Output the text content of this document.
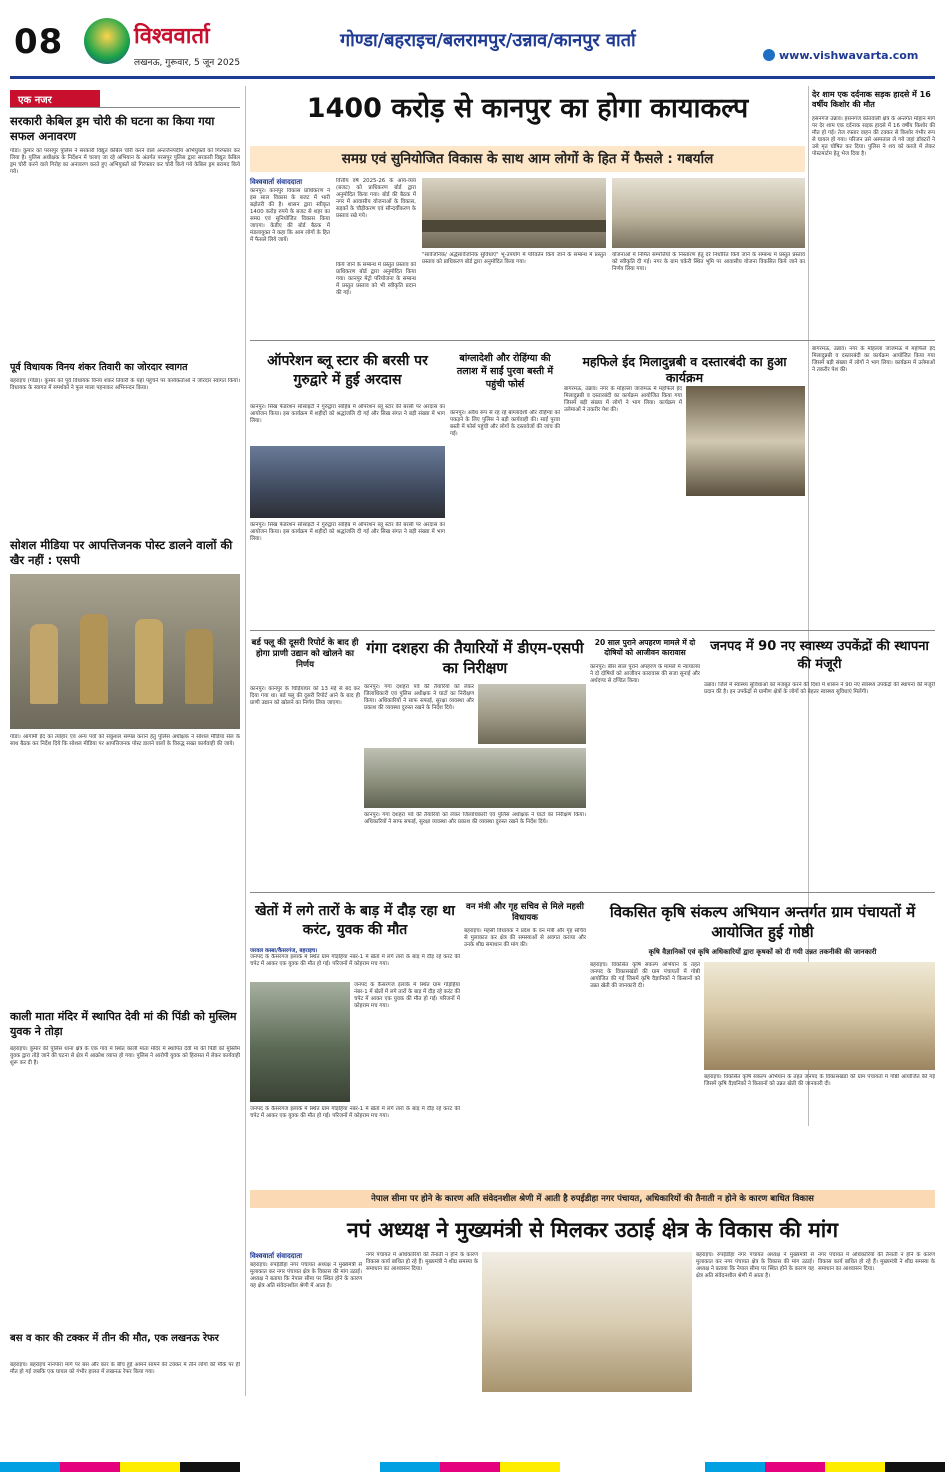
08	विश्ववार्ता
लखनऊ, गुरूवार, 5 जून 2025
गोण्डा/बहराइच/बलरामपुर/उन्नाव/कानपुर वार्ता
www.vishwavarta.com
एक नजर
सरकारी केबिल ड्रम चोरी की घटना का किया गया सफल अनावरण
गोंडा। कुमार को परसपुर पुलिस ने सरकारी विद्युत केबिल चोरी करने वाले अन्तर्जनपदीय अभियुक्तों को गिरफ्तार कर लिया है। पुलिस अधीक्षक के निर्देशन में चलाए जा रहे अभियान के अंतर्गत परसपुर पुलिस द्वारा सरकारी विद्युत केबिल ड्रम चोरी करने वाले गिरोह का अनावरण करते हुए अभियुक्तों को गिरफ्तार कर चोरी किये गये केबिल ड्रम बरामद किये गये।
पूर्व विधायक विनय शंकर तिवारी का जोरदार स्वागत
बहराइच (गोंडा)। कुमार को पूर्व विधायक विनय शंकर तिवारी के यहां पहुंचने पर कार्यकर्ताओं ने जोरदार स्वागत किया। विधायक के स्वागत में समर्थकों ने फूल माला पहनाकर अभिनन्दन किया।
सोशल मीडिया पर आपत्तिजनक पोस्ट डालने वालों की खैर नहीं : एसपी
गोंडा। आगामी ईद का त्योहार एवं अन्य पर्वों को सकुशल सम्पन्न कराने हेतु पुलिस अधीक्षक ने सोशल मीडिया सेल के साथ बैठक कर निर्देश दिये कि सोशल मीडिया पर आपत्तिजनक पोस्ट डालने वालों के विरुद्ध सख्त कार्यवाही की जाये।
काली माता मंदिर में स्थापित देवी मां की पिंडी को मुस्लिम युवक ने तोड़ा
बहराइच। कुमार की पुलिस थाना क्षेत्र के एक गांव में स्थित काली माता मंदिर में स्थापित देवी मां की पिंडी को मुस्लिम युवक द्वारा तोड़े जाने की घटना से क्षेत्र में आक्रोश व्याप्त हो गया। पुलिस ने आरोपी युवक को हिरासत में लेकर कार्यवाही शुरू कर दी है।
बस व कार की टक्कर में तीन की मौत, एक लखनऊ रेफर
बहराइच। बहराइच नानपारा मार्ग पर बस और कार के बीच हुई आमने सामने की टक्कर में तीन लोगों की मौके पर ही मौत हो गई जबकि एक घायल को गंभीर हालत में लखनऊ रेफर किया गया।
1400 करोड़ से कानपुर का होगा कायाकल्प
समग्र एवं सुनियोजित विकास के साथ आम लोगों के हित में फैसले : गबर्याल
विश्ववार्ता संवाददाता
कानपुर। कानपुर विकास प्राधिकरण ने इस साल विकास के बजट में भारी बढ़ोतरी की है। शासन द्वारा स्वीकृत 1400 करोड़ रुपये के बजट से शहर का समग्र एवं सुनियोजित विकास किया जाएगा। केडीए की बोर्ड बैठक में मंडलायुक्त ने कहा कि आम लोगों के हित में फैसले लिये जायें।
वित्तीय वर्ष 2025-26 के आय-व्यय (बजट) को प्राधिकरण बोर्ड द्वारा अनुमोदित किया गया। बोर्ड की बैठक में नगर में आवासीय योजनाओं के विकास, सड़कों के चौड़ीकरण एवं सौन्दर्यीकरण के प्रस्ताव रखे गये।
"सार्वजनिक/ अर्द्धसार्वजनिक सुविधाएं" भू-उपयोग में परिवर्तन किये जाने के सम्बन्ध में प्रस्तुत प्रस्ताव को प्राधिकरण बोर्ड द्वारा अनुमोदित किया गया।
किये जाने के सम्बन्ध में प्रस्तुत प्रस्ताव को प्राधिकरण बोर्ड द्वारा अनुमोदित किया गया। कानपुर मेट्रो परियोजना के सम्बन्ध में प्रस्तुत प्रस्ताव को भी स्वीकृति प्रदान की गई।
योजनाओं में निर्मित सम्पत्तियों के निस्तारण हेतु दरें निर्धारित किये जाने के सम्बन्ध में प्रस्तुत प्रस्ताव को स्वीकृति दी गई। नगर के ग्राम चकेरी स्थित भूमि पर आवासीय योजना विकसित किये जाने का निर्णय लिया गया।
देर शाम एक दर्दनाक सड़क हादसे में 16 वर्षीय किशोर की मौत
हसनगंज उन्नाव। हसनगंज कोतवाली क्षेत्र के अन्तर्गत मोहान मार्ग पर देर शाम एक दर्दनाक सड़क हादसे में 16 वर्षीय किशोर की मौत हो गई। तेज रफ्तार वाहन की टक्कर से किशोर गंभीर रूप से घायल हो गया। परिजन उसे अस्पताल ले गये जहां डॉक्टरों ने उसे मृत घोषित कर दिया। पुलिस ने शव को कब्जे में लेकर पोस्टमार्टम हेतु भेज दिया है।
ऑपरेशन ब्लू स्टार की बरसी पर गुरुद्वारे में हुई अरदास
कानपुर। सिख फेडरेशन सोसाइटी ने गुरुद्वारा साहिब में ऑपरेशन ब्लू स्टार की बरसी पर अरदास का आयोजन किया। इस कार्यक्रम में शहीदों को श्रद्धांजलि दी गई और सिख संगत ने बड़ी संख्या में भाग लिया।
कानपुर। सिख फेडरेशन सोसाइटी ने गुरुद्वारा साहिब में ऑपरेशन ब्लू स्टार की बरसी पर अरदास का आयोजन किया। इस कार्यक्रम में शहीदों को श्रद्धांजलि दी गई और सिख संगत ने बड़ी संख्या में भाग लिया।
बांग्लादेशी और रोहिंग्या की तलाश में साईं पुरवा बस्ती में पहुंची फोर्स
कानपुर। अवैध रूप से रह रहे बांग्लादेशी और रोहिंग्या को पकड़ने के लिए पुलिस ने बड़ी कार्यवाही की। साईं पुरवा बस्ती में फोर्स पहुंची और लोगों के दस्तावेजों की जांच की गई।
महफिले ईद मिलादुन्नबी व दस्तारबंदी का हुआ कार्यक्रम
बांगरमऊ, उन्नाव। नगर के मोहल्ला जाजमऊ में महफिले ईद मिलादुन्नबी व दस्तारबंदी का कार्यक्रम आयोजित किया गया जिसमें बड़ी संख्या में लोगों ने भाग लिया। कार्यक्रम में उलेमाओं ने तकरीर पेश की।
बांगरमऊ, उन्नाव। नगर के मोहल्ला जाजमऊ में महफिले ईद मिलादुन्नबी व दस्तारबंदी का कार्यक्रम आयोजित किया गया जिसमें बड़ी संख्या में लोगों ने भाग लिया। कार्यक्रम में उलेमाओं ने तकरीर पेश की।
बर्ड फ्लू की दूसरी रिपोर्ट के बाद ही होगा प्राणी उद्यान को खोलने का निर्णय
कानपुर। कानपुर के चिड़ियाघर को 13 मई से बंद कर दिया गया था। बर्ड फ्लू की दूसरी रिपोर्ट आने के बाद ही प्राणी उद्यान को खोलने का निर्णय लिया जाएगा।
गंगा दशहरा की तैयारियों में डीएम-एसपी का निरीक्षण
कानपुर। गंगा दशहरा पर्व की तैयारियों को लेकर जिलाधिकारी एवं पुलिस अधीक्षक ने घाटों का निरीक्षण किया। अधिकारियों ने साफ सफाई, सुरक्षा व्यवस्था और प्रकाश की व्यवस्था दुरुस्त रखने के निर्देश दिये।
कानपुर। गंगा दशहरा पर्व की तैयारियों को लेकर जिलाधिकारी एवं पुलिस अधीक्षक ने घाटों का निरीक्षण किया। अधिकारियों ने साफ सफाई, सुरक्षा व्यवस्था और प्रकाश की व्यवस्था दुरुस्त रखने के निर्देश दिये।
20 साल पुराने अपहरण मामले में दो दोषियों को आजीवन कारावास
कानपुर। बीस साल पुराने अपहरण के मामले में न्यायालय ने दो दोषियों को आजीवन कारावास की सजा सुनाई और अर्थदण्ड से दण्डित किया।
जनपद में 90 नए स्वास्थ्य उपकेंद्रों की स्थापना की मंजूरी
उन्नाव। जिले में स्वास्थ्य सुविधाओं को मजबूत करने की दिशा में शासन ने 90 नए स्वास्थ्य उपकेंद्रों की स्थापना की मंजूरी प्रदान की है। इन उपकेंद्रों से ग्रामीण क्षेत्रों के लोगों को बेहतर स्वास्थ्य सुविधाएं मिलेंगी।
खेतों में लगे तारों के बाड़ में दौड़ रहा था करंट, युवक की मौत
जरवल कस्बा/कैसरगंज, बहराइच।
जनपद के कैसरगंज इलाके में स्थित ग्राम गोड़हिया नंबर-1 में खेतों में लगे तारों के बाड़ में दौड़ रहे करंट की चपेट में आकर एक युवक की मौत हो गई। परिजनों में कोहराम मच गया।
जनपद के कैसरगंज इलाके में स्थित ग्राम गोड़हिया नंबर-1 में खेतों में लगे तारों के बाड़ में दौड़ रहे करंट की चपेट में आकर एक युवक की मौत हो गई। परिजनों में कोहराम मच गया।
जनपद के कैसरगंज इलाके में स्थित ग्राम गोड़हिया नंबर-1 में खेतों में लगे तारों के बाड़ में दौड़ रहे करंट की चपेट में आकर एक युवक की मौत हो गई। परिजनों में कोहराम मच गया।
वन मंत्री और गृह सचिव से मिले महसी विधायक
बहराइच। महसी विधायक ने प्रदेश के वन मंत्री और गृह सचिव से मुलाकात कर क्षेत्र की समस्याओं से अवगत कराया और उनके शीघ्र समाधान की मांग की।
विकसित कृषि संकल्प अभियान अन्तर्गत ग्राम पंचायतों में आयोजित हुई गोष्ठी
कृषि वैज्ञानिकों एवं कृषि अधिकारियों द्वारा कृषकों को दी गयी उन्नत तकनीकी की जानकारी
बहराइच। विकसित कृषि संकल्प अभियान के तहत जनपद के विकासखंडों की ग्राम पंचायतों में गोष्ठी आयोजित की गई जिसमें कृषि वैज्ञानिकों ने किसानों को उन्नत खेती की जानकारी दी।
बहराइच। विकसित कृषि संकल्प अभियान के तहत जनपद के विकासखंडों की ग्राम पंचायतों में गोष्ठी आयोजित की गई जिसमें कृषि वैज्ञानिकों ने किसानों को उन्नत खेती की जानकारी दी।
नेपाल सीमा पर होने के कारण अति संवेदनशील श्रेणी में आती है रुपईडीहा नगर पंचायत, अधिकारियों की तैनाती न होने के कारण बाधित विकास
नपं अध्यक्ष ने मुख्यमंत्री से मिलकर उठाई क्षेत्र के विकास की मांग
विश्ववार्ता संवाददाता
बहराइच। रुपईडीहा नगर पंचायत अध्यक्ष ने मुख्यमंत्री से मुलाकात कर नगर पंचायत क्षेत्र के विकास की मांग उठाई। अध्यक्ष ने बताया कि नेपाल सीमा पर स्थित होने के कारण यह क्षेत्र अति संवेदनशील श्रेणी में आता है।
नगर पंचायत में अधिकारियों की तैनाती न होने के कारण विकास कार्य बाधित हो रहे हैं। मुख्यमंत्री ने शीघ्र समस्या के समाधान का आश्वासन दिया।
बहराइच। रुपईडीहा नगर पंचायत अध्यक्ष ने मुख्यमंत्री से मुलाकात कर नगर पंचायत क्षेत्र के विकास की मांग उठाई। अध्यक्ष ने बताया कि नेपाल सीमा पर स्थित होने के कारण यह क्षेत्र अति संवेदनशील श्रेणी में आता है।
नगर पंचायत में अधिकारियों की तैनाती न होने के कारण विकास कार्य बाधित हो रहे हैं। मुख्यमंत्री ने शीघ्र समस्या के समाधान का आश्वासन दिया।
